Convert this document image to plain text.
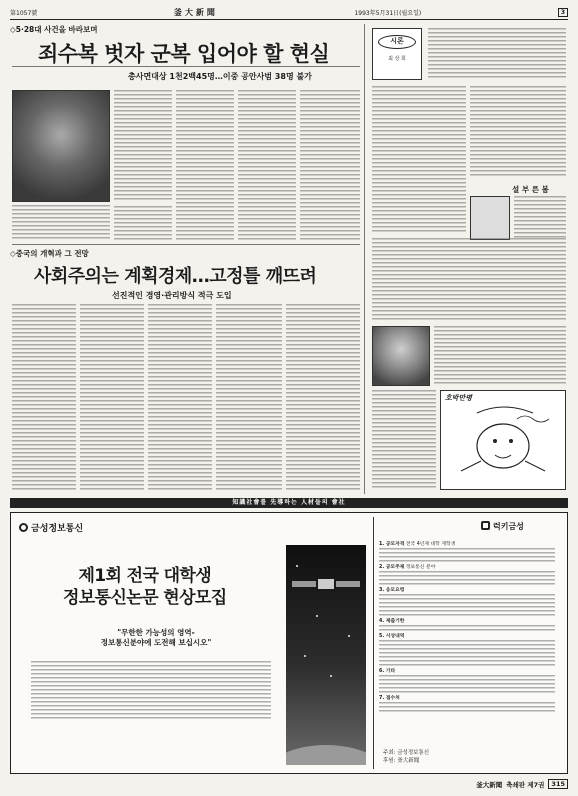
第1057號	釜大新聞	1993年5月31日(월요일)	3
◇5·28대 사건을 바라보며
죄수복 벗자 군복 입어야 할 현실
총사면대상 1천2백45명…이중 공안사범 38명 불가
시론
최 상 희
설 부 른 봄
◇중국의 개혁과 그 전망
사회주의는 계획경제…고정틀 깨뜨려
선진적인 경영·관리방식 적극 도입
호박만평
知識社會를 先導하는 人材들의 會社
금성정보통신
제1회 전국 대학생
정보통신논문 현상모집
"무한한 가능성의 영역-
정보통신분야에 도전해 보십시오"
럭키금성
1. 공모자격 전국 4년제 대학 재학생
2. 공모주제 정보통신 분야
3. 응모요령
4. 제출기한
5. 시상내역
6. 기타
7. 접수처
주최: 금성정보통신
후원: 釜大新聞
釜大新聞 축쇄판 제7권	315
